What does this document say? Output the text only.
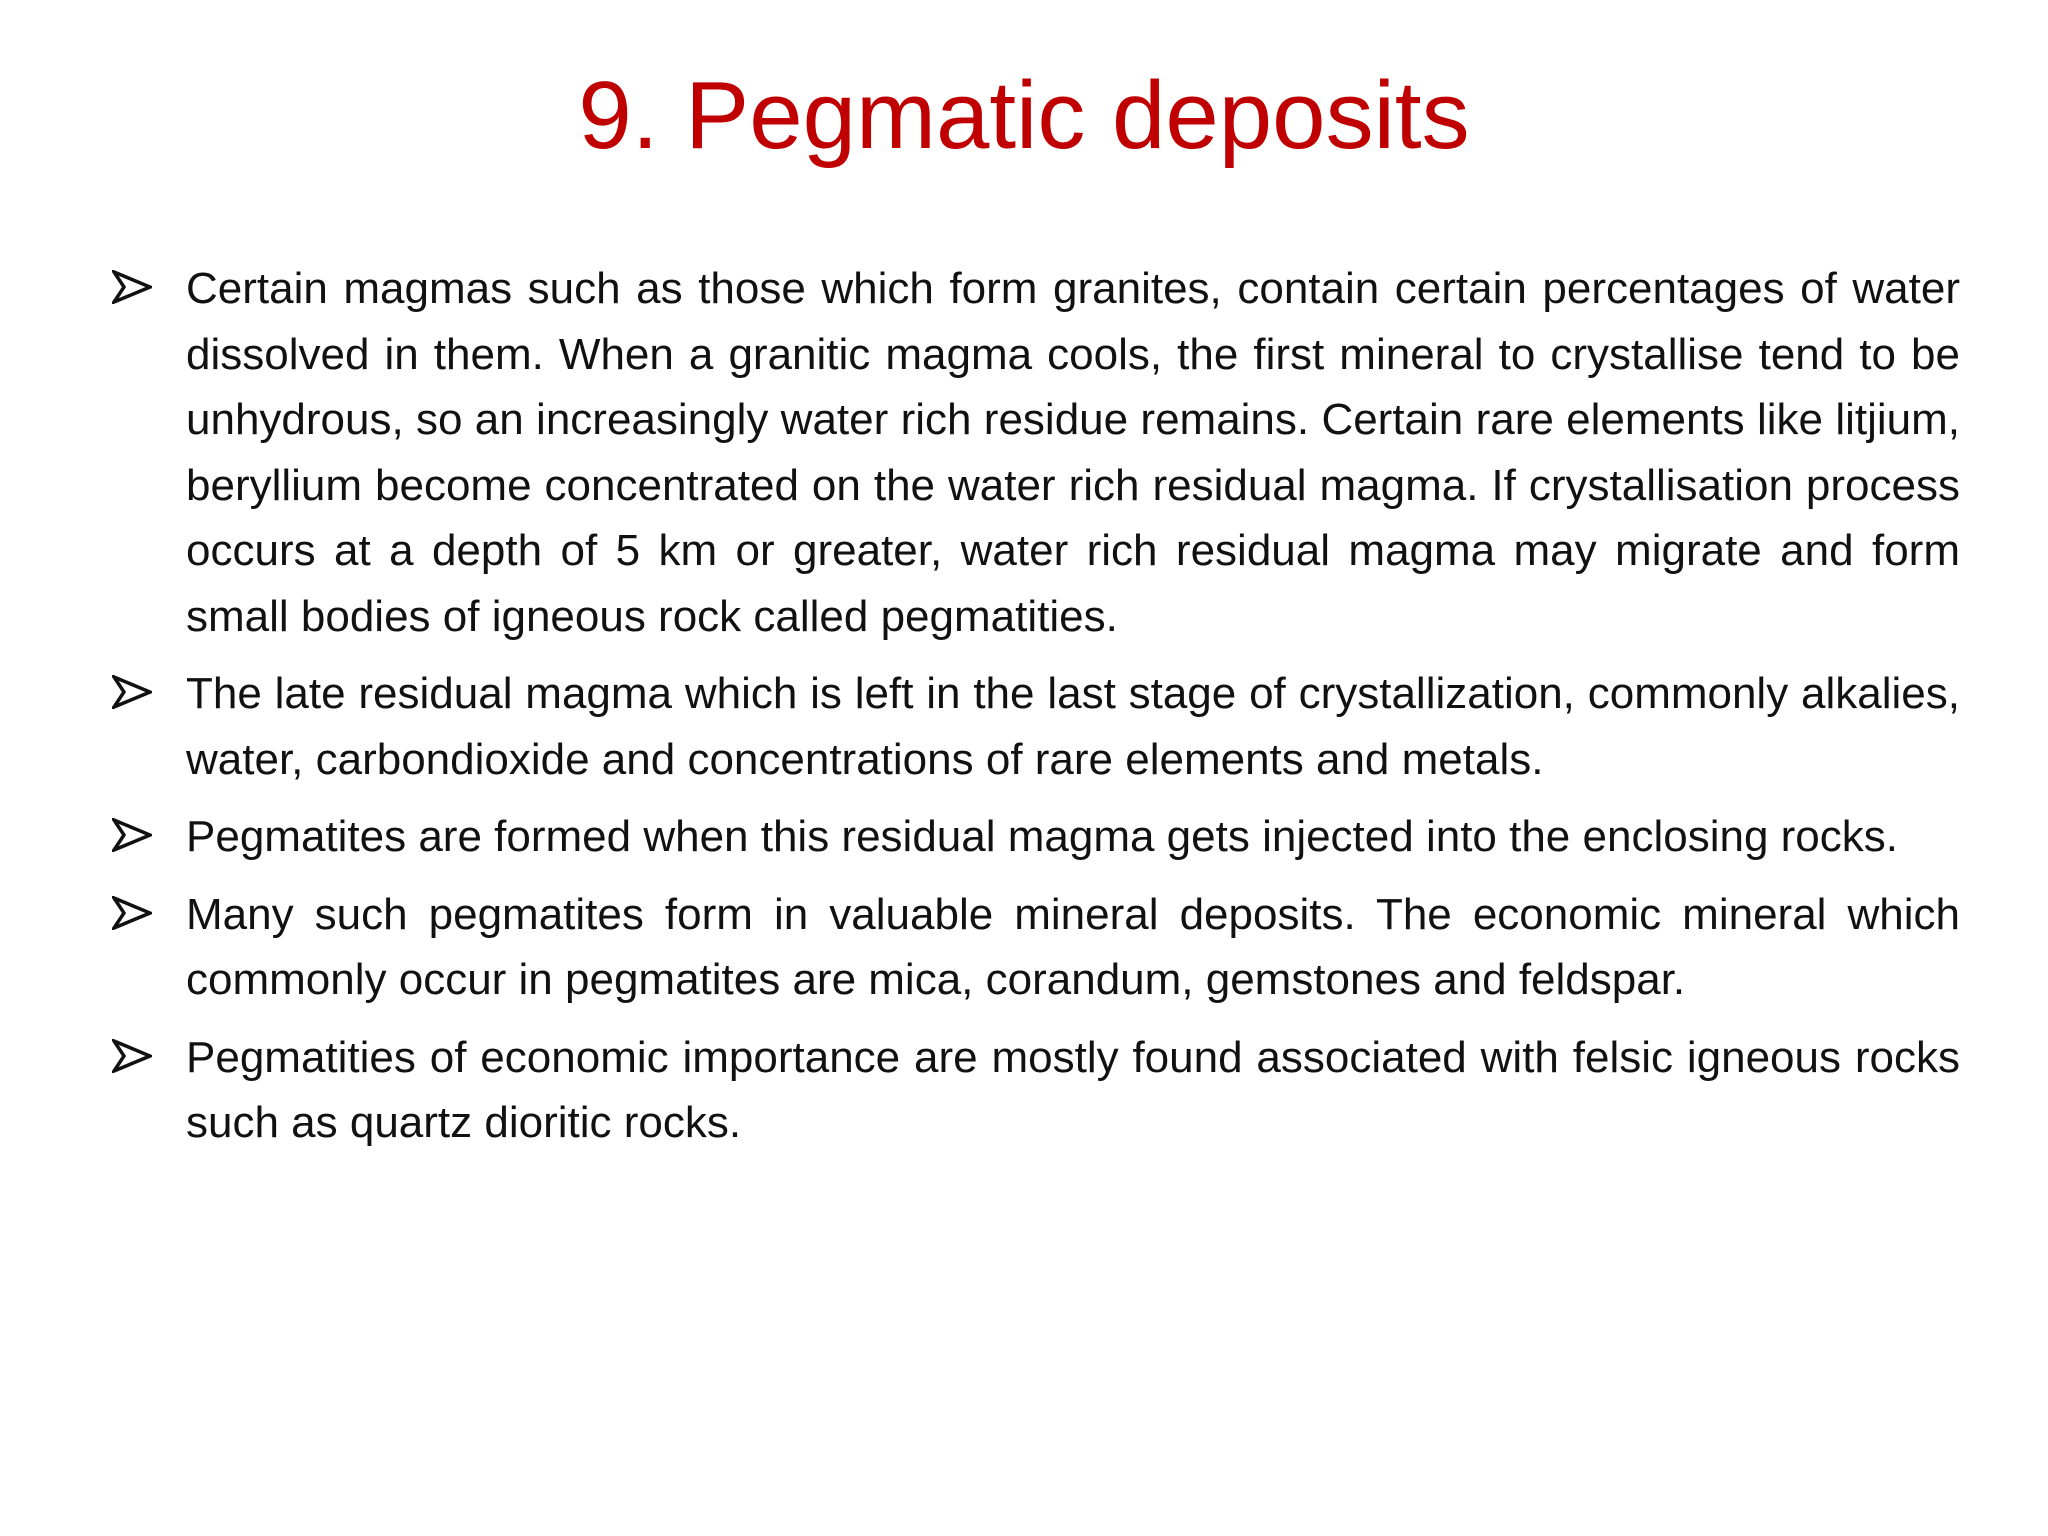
9. Pegmatic deposits

Certain magmas such as those which form granites, contain certain percentages of water dissolved in them. When a granitic magma cools, the first mineral to crystallise tend to be unhydrous, so an increasingly water rich residue remains. Certain rare elements like litjium, beryllium become concentrated on the water rich residual magma. If crystallisation process occurs at a depth of 5 km or greater, water rich residual magma may migrate and form small bodies of igneous rock called pegmatities.

The late residual magma which is left in the last stage of crystallization, commonly alkalies, water, carbondioxide and concentrations of rare elements and metals.

Pegmatites are formed when this residual magma gets injected into the enclosing rocks.

Many such pegmatites form in valuable mineral deposits. The economic mineral which commonly occur in pegmatites are mica, corandum, gemstones and feldspar.

Pegmatities of economic importance are mostly found associated with felsic igneous rocks such as quartz dioritic rocks.
